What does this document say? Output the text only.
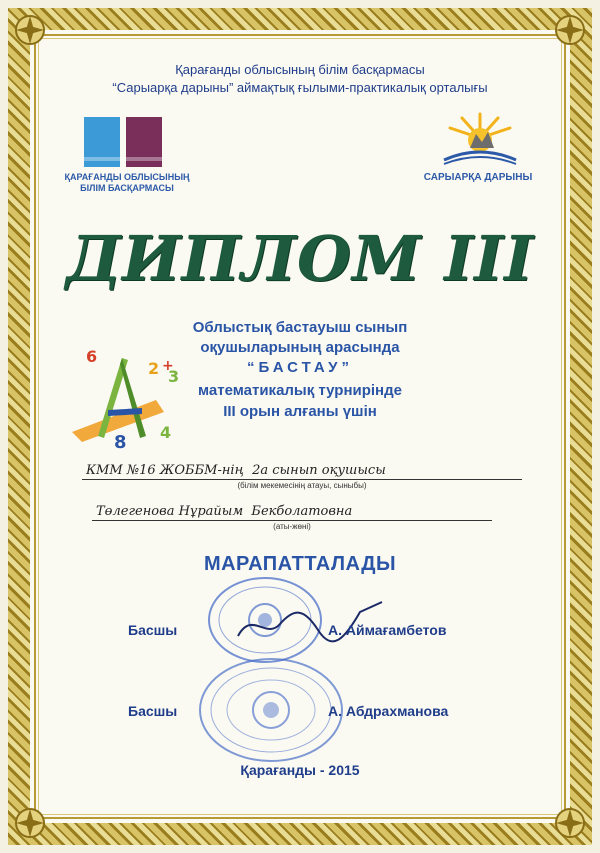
Қарағанды облысының білім басқармасы
“Сарыарқа дарыны” аймақтық ғылыми-практикалық орталығы
ҚАРАҒАНДЫ ОБЛЫСЫНЫҢ
БІЛІМ БАСҚАРМАСЫ
САРЫАРҚА ДАРЫНЫ
ДИПЛОМ III
6
2 +
3
8 4
Облыстық бастауыш сынып
оқушыларының арасында
“БАСТАУ”
математикалық турнирінде
III орын алғаны үшін
КММ №16 ЖОББМ-нің  2а сынып оқушысы
(білім мекемесінің атауы, сыныбы)
Төлегенова Нұрайым  Бекболатовна
(аты-жөні)
МАРАПАТТАЛАДЫ
Басшы	А. Аймағамбетов
Басшы	А. Абдрахманова
Қарағанды - 2015
